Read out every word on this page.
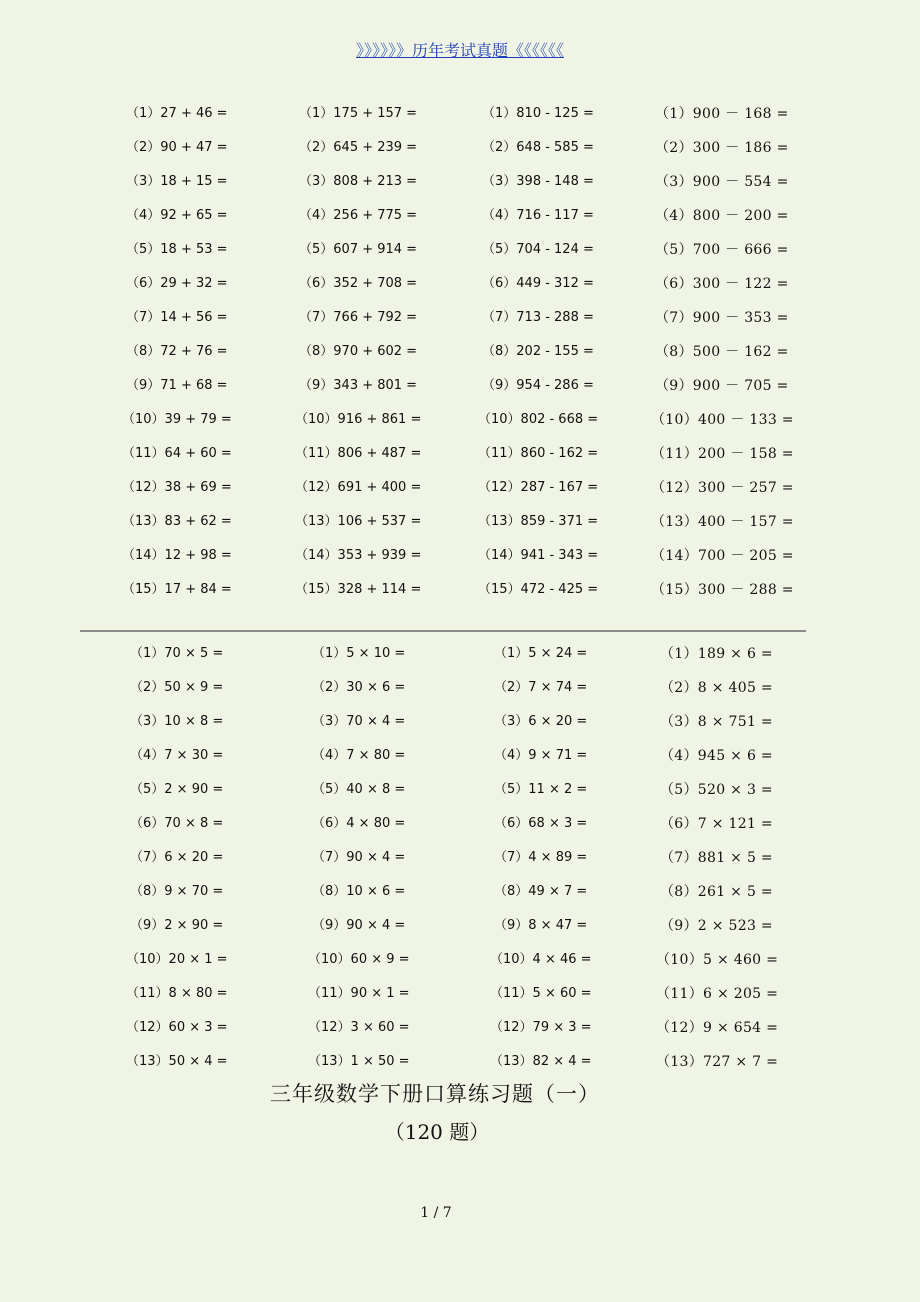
》》》》》》历年考试真题《《《《《《
（1）27 + 46 =	（1）175 + 157 =	（1）810 - 125 =	（1）900 － 168 =
（2）90 + 47 =	（2）645 + 239 =	（2）648 - 585 =	（2）300 － 186 =
（3）18 + 15 =	（3）808 + 213 =	（3）398 - 148 =	（3）900 － 554 =
（4）92 + 65 =	（4）256 + 775 =	（4）716 - 117 =	（4）800 － 200 =
（5）18 + 53 =	（5）607 + 914 =	（5）704 - 124 =	（5）700 － 666 =
（6）29 + 32 =	（6）352 + 708 =	（6）449 - 312 =	（6）300 － 122 =
（7）14 + 56 =	（7）766 + 792 =	（7）713 - 288 =	（7）900 － 353 =
（8）72 + 76 =	（8）970 + 602 =	（8）202 - 155 =	（8）500 － 162 =
（9）71 + 68 =	（9）343 + 801 =	（9）954 - 286 =	（9）900 － 705 =
（10）39 + 79 =	（10）916 + 861 =	（10）802 - 668 =	（10）400 － 133 =
（11）64 + 60 =	（11）806 + 487 =	（11）860 - 162 =	（11）200 － 158 =
（12）38 + 69 =	（12）691 + 400 =	（12）287 - 167 =	（12）300 － 257 =
（13）83 + 62 =	（13）106 + 537 =	（13）859 - 371 =	（13）400 － 157 =
（14）12 + 98 =	（14）353 + 939 =	（14）941 - 343 =	（14）700 － 205 =
（15）17 + 84 =	（15）328 + 114 =	（15）472 - 425 =	（15）300 － 288 =
（1）70 × 5 =	（1）5 × 10 =	（1）5 × 24 =	（1）189 × 6 =
（2）50 × 9 =	（2）30 × 6 =	（2）7 × 74 =	（2）8 × 405 =
（3）10 × 8 =	（3）70 × 4 =	（3）6 × 20 =	（3）8 × 751 =
（4）7 × 30 =	（4）7 × 80 =	（4）9 × 71 =	（4）945 × 6 =
（5）2 × 90 =	（5）40 × 8 =	（5）11 × 2 =	（5）520 × 3 =
（6）70 × 8 =	（6）4 × 80 =	（6）68 × 3 =	（6）7 × 121 =
（7）6 × 20 =	（7）90 × 4 =	（7）4 × 89 =	（7）881 × 5 =
（8）9 × 70 =	（8）10 × 6 =	（8）49 × 7 =	（8）261 × 5 =
（9）2 × 90 =	（9）90 × 4 =	（9）8 × 47 =	（9）2 × 523 =
（10）20 × 1 =	（10）60 × 9 =	（10）4 × 46 =	（10）5 × 460 =
（11）8 × 80 =	（11）90 × 1 =	（11）5 × 60 =	（11）6 × 205 =
（12）60 × 3 =	（12）3 × 60 =	（12）79 × 3 =	（12）9 × 654 =
（13）50 × 4 =	（13）1 × 50 =	（13）82 × 4 =	（13）727 × 7 =
三年级数学下册口算练习题（一）
（120 题）
1 / 7
